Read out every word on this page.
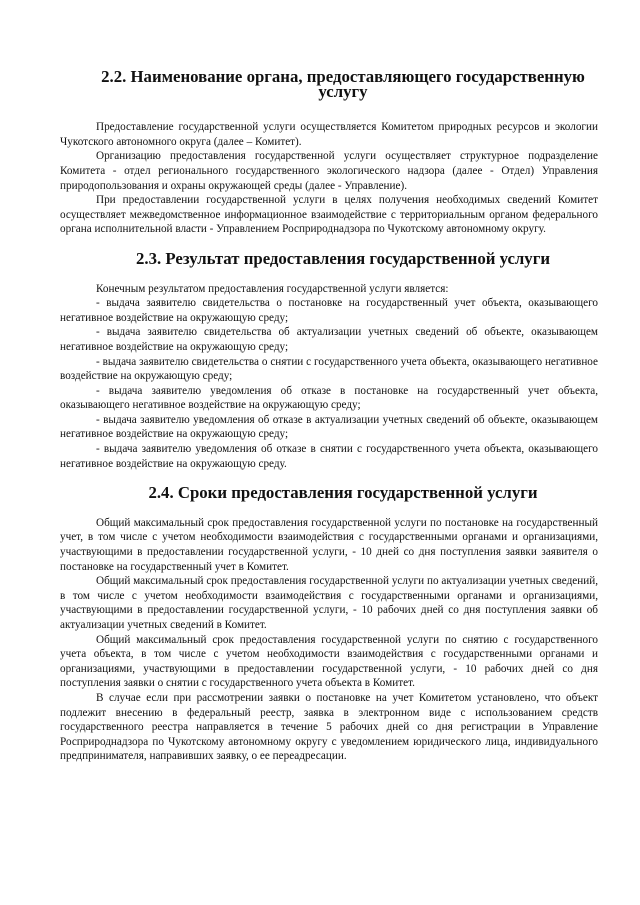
2.2. Наименование органа, предоставляющего государственную услугу

Предоставление государственной услуги осуществляется Комитетом природных ресурсов и экологии Чукотского автономного округа (далее – Комитет).

Организацию предоставления государственной услуги осуществляет структурное подразделение Комитета - отдел регионального государственного экологического надзора (далее - Отдел) Управления природопользования и охраны окружающей среды (далее - Управление).

При предоставлении государственной услуги в целях получения необходимых сведений Комитет осуществляет межведомственное информационное взаимодействие с территориальным органом федерального органа исполнительной власти - Управлением Росприроднадзора по Чукотскому автономному округу.

2.3. Результат предоставления государственной услуги

Конечным результатом предоставления государственной услуги является:

- выдача заявителю свидетельства о постановке на государственный учет объекта, оказывающего негативное воздействие на окружающую среду;
- выдача заявителю свидетельства об актуализации учетных сведений об объекте, оказывающем негативное воздействие на окружающую среду;
- выдача заявителю свидетельства о снятии с государственного учета объекта, оказывающего негативное воздействие на окружающую среду;
- выдача заявителю уведомления об отказе в постановке на государственный учет объекта, оказывающего негативное воздействие на окружающую среду;
- выдача заявителю уведомления об отказе в актуализации учетных сведений об объекте, оказывающем негативное воздействие на окружающую среду;
- выдача заявителю уведомления об отказе в снятии с государственного учета объекта, оказывающего негативное воздействие на окружающую среду.
2.4. Сроки предоставления государственной услуги

Общий максимальный срок предоставления государственной услуги по постановке на государственный учет, в том числе с учетом необходимости взаимодействия с государственными органами и организациями, участвующими в предоставлении государственной услуги, - 10 дней со дня поступления заявки заявителя о постановке на государственный учет в Комитет.

Общий максимальный срок предоставления государственной услуги по актуализации учетных сведений, в том числе с учетом необходимости взаимодействия с государственными органами и организациями, участвующими в предоставлении государственной услуги, - 10 рабочих дней со дня поступления заявки об актуализации учетных сведений в Комитет.

Общий максимальный срок предоставления государственной услуги по снятию с государственного учета объекта, в том числе с учетом необходимости взаимодействия с государственными органами и организациями, участвующими в предоставлении государственной услуги, - 10 рабочих дней со дня поступления заявки о снятии с государственного учета объекта в Комитет.

В случае если при рассмотрении заявки о постановке на учет Комитетом установлено, что объект подлежит внесению в федеральный реестр, заявка в электронном виде с использованием средств государственного реестра направляется в течение 5 рабочих дней со дня регистрации в Управление Росприроднадзора по Чукотскому автономному округу с уведомлением юридического лица, индивидуального предпринимателя, направивших заявку, о ее переадресации.
